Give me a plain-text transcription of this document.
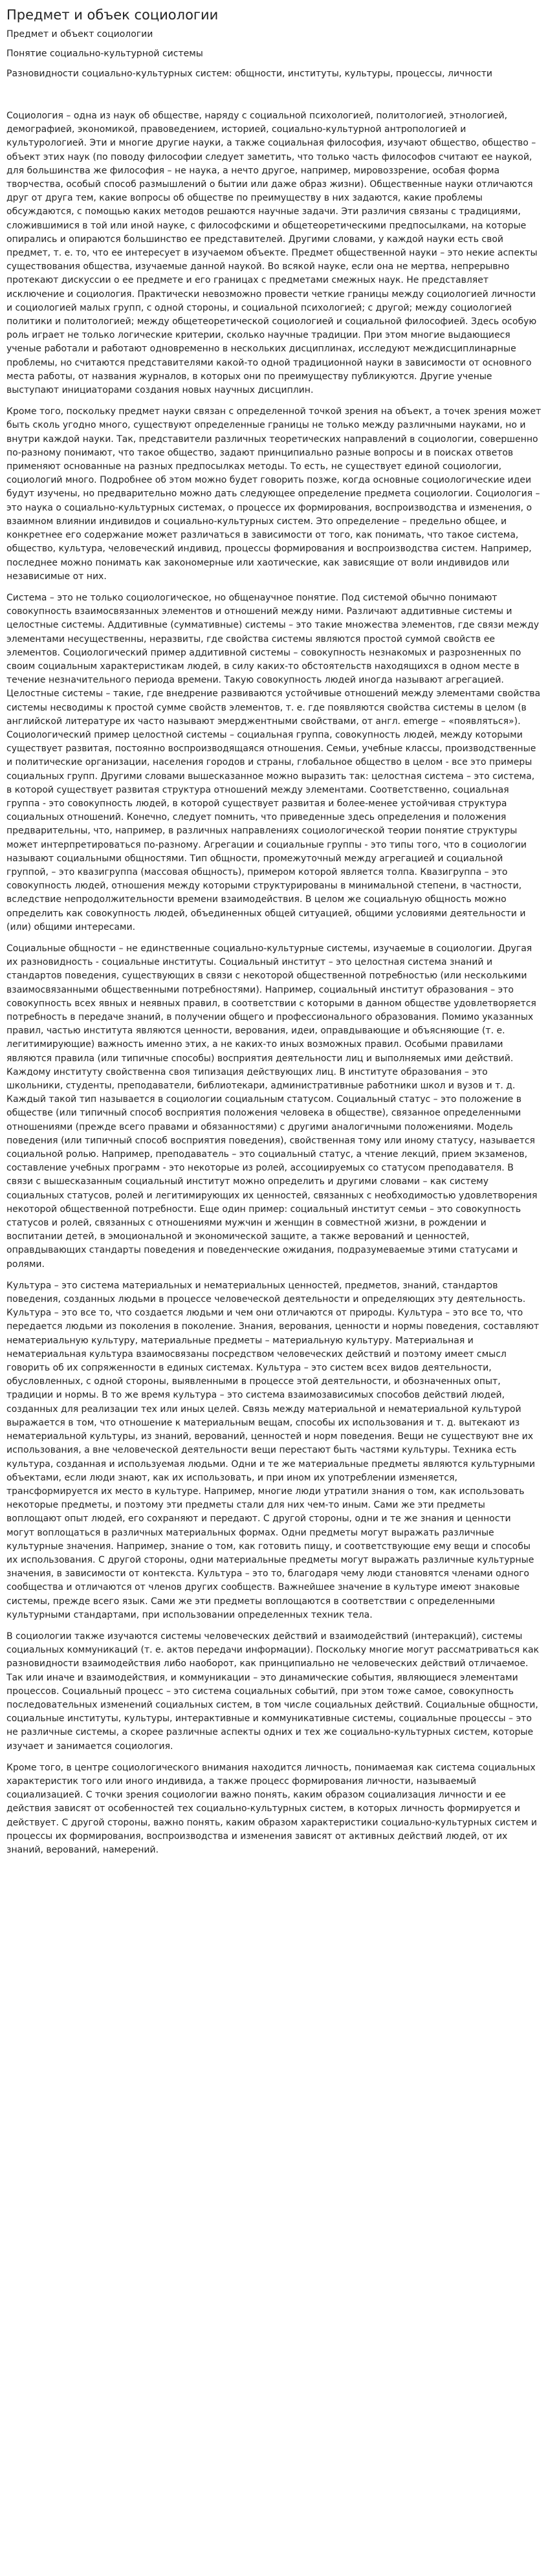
Предмет и объек социологии
Предмет и объект социологии
Понятие социально-культурной системы
Разновидности социально-культурных систем: общности, институты, культуры, процессы, личности

Социология – одна из наук об обществе, наряду с социальной психологией, политологией, этнологией, демографией, экономикой, правоведением, историей, социально-культурной антропологией и культурологией. Эти и многие другие науки, а также социальная философия, изучают общество, общество – объект этих наук (по поводу философии следует заметить, что только часть философов считают ее наукой, для большинства же философия – не наука, а нечто другое, например, мировоззрение, особая форма творчества, особый способ размышлений о бытии или даже образ жизни). Общественные науки отличаются друг от друга тем, какие вопросы об обществе по преимуществу в них задаются, какие проблемы обсуждаются, с помощью каких методов решаются научные задачи. Эти различия связаны с традициями, сложившимися в той или иной науке, с философскими и общетеоретическими предпосылками, на которые опирались и опираются большинство ее представителей. Другими словами, у каждой науки есть свой предмет, т. е. то, что ее интересует в изучаемом объекте. Предмет общественной науки – это некие аспекты существования общества, изучаемые данной наукой. Во всякой науке, если она не мертва, непрерывно протекают дискуссии о ее предмете и его границах с предметами смежных наук. Не представляет исключение и социология. Практически невозможно провести четкие границы между социологией личности и социологией малых групп, с одной стороны, и социальной психологией; с другой; между социологией политики и политологией; между общетеоретической социологией и социальной философией. Здесь особую роль играет не только логические критерии, сколько научные традиции. При этом многие выдающиеся ученые работали и работают одновременно в нескольких дисциплинах, исследуют междисциплинарные проблемы, но считаются представителями какой-то одной традиционной науки в зависимости от основного места работы, от названия журналов, в которых они по преимуществу публикуются. Другие ученые выступают инициаторами создания новых научных дисциплин.

Кроме того, поскольку предмет науки связан с определенной точкой зрения на объект, а точек зрения может быть сколь угодно много, существуют определенные границы не только между различными науками, но и внутри каждой науки. Так, представители различных теоретических направлений в социологии, совершенно по-разному понимают, что такое общество, задают принципиально разные вопросы и в поисках ответов применяют основанные на разных предпосылках методы. То есть, не существует единой социологии, социологий много. Подробнее об этом можно будет говорить позже, когда основные социологические идеи будут изучены, но предварительно можно дать следующее определение предмета социологии. Социология – это наука о социально-культурных системах, о процессе их формирования, воспроизводства и изменения, о взаимном влиянии индивидов и социально-культурных систем. Это определение – предельно общее, и конкретнее его содержание может различаться в зависимости от того, как понимать, что такое система, общество, культура, человеческий индивид, процессы формирования и воспроизводства систем. Например, последнее можно понимать как закономерные или хаотические, как зависящие от воли индивидов или независимые от них.

Система – это не только социологическое, но общенаучное понятие. Под системой обычно понимают совокупность взаимосвязанных элементов и отношений между ними. Различают аддитивные системы и целостные системы. Аддитивные (суммативные) системы – это такие множества элементов, где связи между элементами несущественны, неразвиты, где свойства системы являются простой суммой свойств ее элементов. Социологический пример аддитивной системы – совокупность незнакомых и разрозненных по своим социальным характеристикам людей, в силу каких-то обстоятельств находящихся в одном месте в течение незначительного периода времени. Такую совокупность людей иногда называют агрегацией. Целостные системы – такие, где внедрение развиваются устойчивые отношений между элементами свойства системы несводимы к простой сумме свойств элементов, т. е. где появляются свойства системы в целом (в английской литературе их часто называют эмерджентными свойствами, от англ. emerge – «появляться»). Социологический пример целостной системы – социальная группа, совокупность людей, между которыми существует развитая, постоянно воспроизводящаяся отношения. Семьи, учебные классы, производственные и политические организации, населения городов и страны, глобальное общество в целом - все это примеры социальных групп. Другими словами вышесказанное можно выразить так: целостная система – это система, в которой существует развитая структура отношений между элементами. Соответственно, социальная группа - это совокупность людей, в которой существует развитая и более-менее устойчивая структура социальных отношений. Конечно, следует помнить, что приведенные здесь определения и положения предварительны, что, например, в различных направлениях социологической теории понятие структуры может интерпретироваться по-разному. Агрегации и социальные группы - это типы того, что в социологии называют социальными общностями. Тип общности, промежуточный между агрегацией и социальной группой, – это квазигруппа (массовая общность), примером которой является толпа. Квазигруппа – это совокупность людей, отношения между которыми структурированы в минимальной степени, в частности, вследствие непродолжительности времени взаимодействия. В целом же социальную общность можно определить как совокупность людей, объединенных общей ситуацией, общими условиями деятельности и (или) общими интересами.

Социальные общности – не единственные социально-культурные системы, изучаемые в социологии. Другая их разновидность - социальные институты. Социальный институт – это целостная система знаний и стандартов поведения, существующих в связи с некоторой общественной потребностью (или несколькими взаимосвязанными общественными потребностями). Например, социальный институт образования – это совокупность всех явных и неявных правил, в соответствии с которыми в данном обществе удовлетворяется потребность в передаче знаний, в получении общего и профессионального образования. Помимо указанных правил, частью института являются ценности, верования, идеи, оправдывающие и объясняющие (т. е. легитимирующие) важность именно этих, а не каких-то иных возможных правил. Особыми правилами являются правила (или типичные способы) восприятия деятельности лиц и выполняемых ими действий. Каждому институту свойственна своя типизация действующих лиц. В институте образования – это школьники, студенты, преподаватели, библиотекари, административные работники школ и вузов и т. д. Каждый такой тип называется в социологии социальным статусом. Социальный статус – это положение в обществе (или типичный способ восприятия положения человека в обществе), связанное определенными отношениями (прежде всего правами и обязанностями) с другими аналогичными положениями. Модель поведения (или типичный способ восприятия поведения), свойственная тому или иному статусу, называется социальной ролью. Например, преподаватель – это социальный статус, а чтение лекций, прием экзаменов, составление учебных программ - это некоторые из ролей, ассоциируемых со статусом преподавателя. В связи с вышесказанным социальный институт можно определить и другими словами – как систему социальных статусов, ролей и легитимирующих их ценностей, связанных с необходимостью удовлетворения некоторой общественной потребности. Еще один пример: социальный институт семьи – это совокупность статусов и ролей, связанных с отношениями мужчин и женщин в совместной жизни, в рождении и воспитании детей, в эмоциональной и экономической защите, а также верований и ценностей, оправдывающих стандарты поведения и поведенческие ожидания, подразумеваемые этими статусами и ролями.

Культура – это система материальных и нематериальных ценностей, предметов, знаний, стандартов поведения, созданных людьми в процессе человеческой деятельности и определяющих эту деятельность. Культура – это все то, что создается людьми и чем они отличаются от природы. Культура – это все то, что передается людьми из поколения в поколение. Знания, верования, ценности и нормы поведения, составляют нематериальную культуру, материальные предметы – материальную культуру. Материальная и нематериальная культура взаимосвязаны посредством человеческих действий и поэтому имеет смысл говорить об их сопряженности в единых системах. Культура – это систем всех видов деятельности, обусловленных, с одной стороны, выявленными в процессе этой деятельности, и обозначенных опыт, традиции и нормы. В то же время культура – это система взаимозависимых способов действий людей, созданных для реализации тех или иных целей. Связь между материальной и нематериальной культурой выражается в том, что отношение к материальным вещам, способы их использования и т. д. вытекают из нематериальной культуры, из знаний, верований, ценностей и норм поведения. Вещи не существуют вне их использования, а вне человеческой деятельности вещи перестают быть частями культуры. Техника есть культура, созданная и используемая людьми. Одни и те же материальные предметы являются культурными объектами, если люди знают, как их использовать, и при ином их употреблении изменяется, трансформируется их место в культуре. Например, многие люди утратили знания о том, как использовать некоторые предметы, и поэтому эти предметы стали для них чем-то иным. Сами же эти предметы воплощают опыт людей, его сохраняют и передают. С другой стороны, одни и те же знания и ценности могут воплощаться в различных материальных формах. Одни предметы могут выражать различные культурные значения. Например, знание о том, как готовить пищу, и соответствующие ему вещи и способы их использования. С другой стороны, одни материальные предметы могут выражать различные культурные значения, в зависимости от контекста. Культура – это то, благодаря чему люди становятся членами одного сообщества и отличаются от членов других сообществ. Важнейшее значение в культуре имеют знаковые системы, прежде всего язык. Сами же эти предметы воплощаются в соответствии с определенными культурными стандартами, при использовании определенных техник тела.

В социологии также изучаются системы человеческих действий и взаимодействий (интеракций), системы социальных коммуникаций (т. е. актов передачи информации). Поскольку многие могут рассматриваться как разновидности взаимодействия либо наоборот, как принципиально не человеческих действий отличаемое. Так или иначе и взаимодействия, и коммуникации – это динамические события, являющиеся элементами процессов. Социальный процесс – это система социальных событий, при этом тоже самое, совокупность последовательных изменений социальных систем, в том числе социальных действий. Социальные общности, социальные институты, культуры, интерактивные и коммуникативные системы, социальные процессы – это не различные системы, а скорее различные аспекты одних и тех же социально-культурных систем, которые изучает и занимается социология.

Кроме того, в центре социологического внимания находится личность, понимаемая как система социальных характеристик того или иного индивида, а также процесс формирования личности, называемый социализацией. С точки зрения социологии важно понять, каким образом социализация личности и ее действия зависят от особенностей тех социально-культурных систем, в которых личность формируется и действует. С другой стороны, важно понять, каким образом характеристики социально-культурных систем и процессы их формирования, воспроизводства и изменения зависят от активных действий людей, от их знаний, верований, намерений.
